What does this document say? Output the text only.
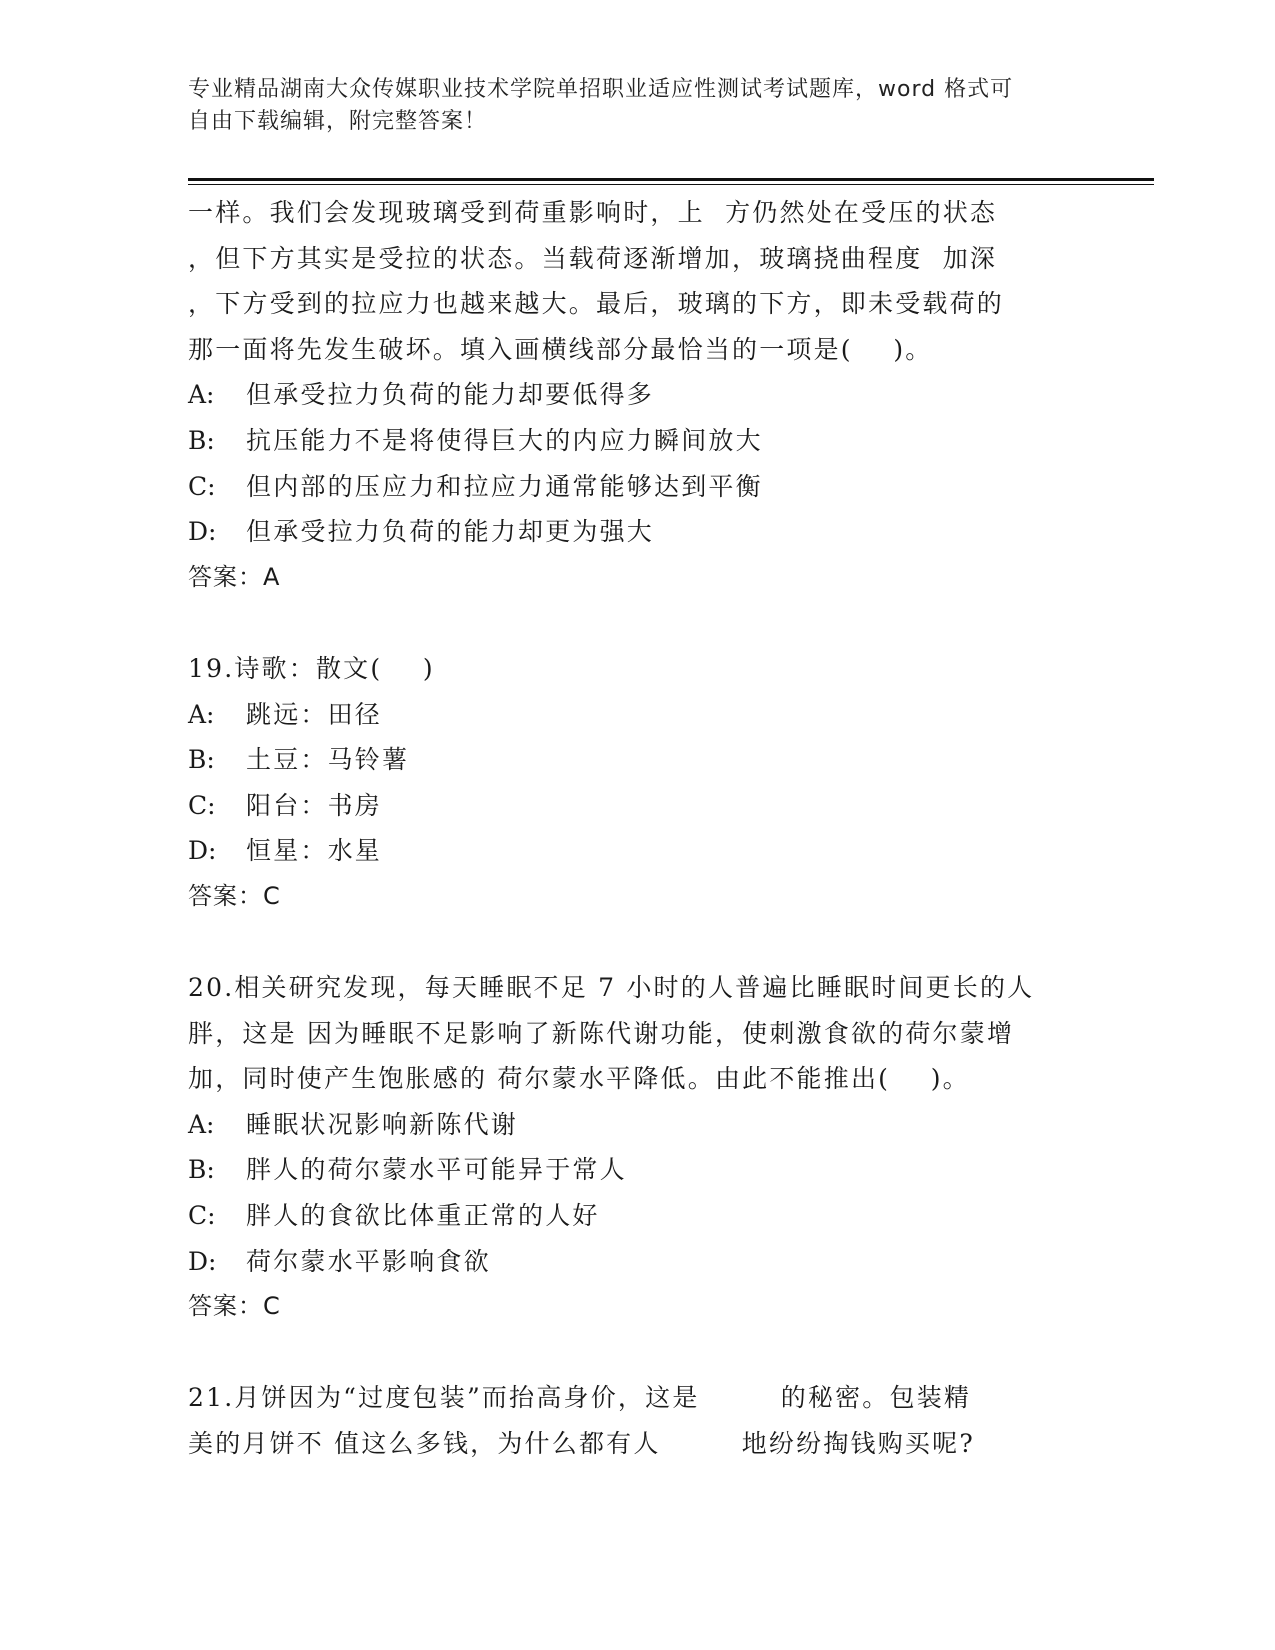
专业精品湖南大众传媒职业技术学院单招职业适应性测试考试题库，word 格式可
自由下载编辑，附完整答案！
一样。我们会发现玻璃受到荷重影响时，上  方仍然处在受压的状态
，但下方其实是受拉的状态。当载荷逐渐增加，玻璃挠曲程度  加深
，下方受到的拉应力也越来越大。最后，玻璃的下方，即未受载荷的
那一面将先发生破坏。填入画横线部分最恰当的一项是(    )。
A: 但承受拉力负荷的能力却要低得多
B: 抗压能力不是将使得巨大的内应力瞬间放大
C: 但内部的压应力和拉应力通常能够达到平衡
D: 但承受拉力负荷的能力却更为强大
答案：A
19.诗歌：散文(    )
A: 跳远：田径
B: 土豆：马铃薯
C: 阳台：书房
D: 恒星：水星
答案：C
20.相关研究发现，每天睡眠不足 7 小时的人普遍比睡眠时间更长的人
胖，这是 因为睡眠不足影响了新陈代谢功能，使刺激食欲的荷尔蒙增
加，同时使产生饱胀感的 荷尔蒙水平降低。由此不能推出(    )。
A: 睡眠状况影响新陈代谢
B: 胖人的荷尔蒙水平可能异于常人
C: 胖人的食欲比体重正常的人好
D: 荷尔蒙水平影响食欲
答案：C
21.月饼因为“过度包装”而抬高身价，这是        的秘密。包装精
美的月饼不 值这么多钱，为什么都有人        地纷纷掏钱购买呢?
